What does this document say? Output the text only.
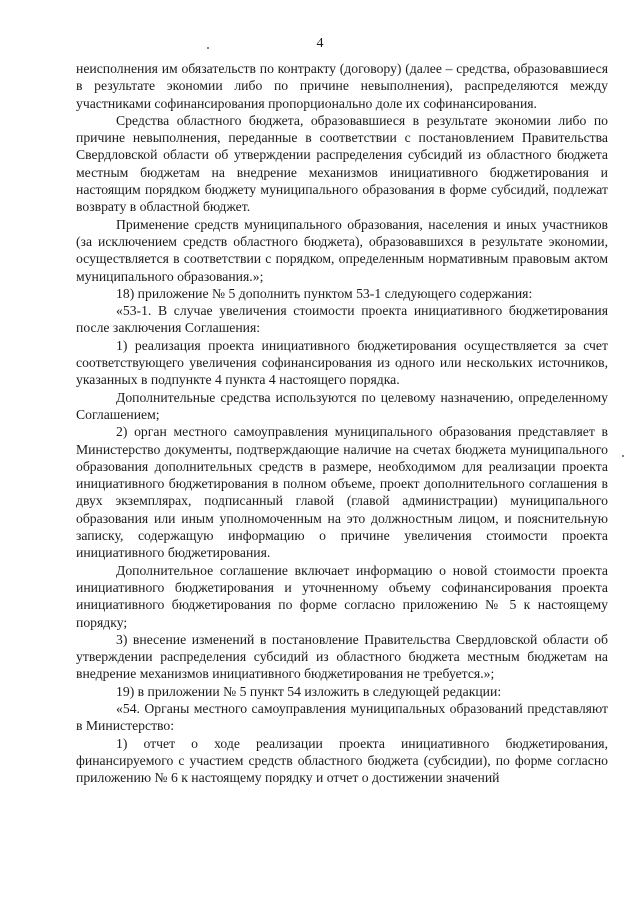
4

неисполнения им обязательств по контракту (договору) (далее – средства, образовавшиеся в результате экономии либо по причине невыполнения), распределяются между участниками софинансирования пропорционально доле их софинансирования.

Средства областного бюджета, образовавшиеся в результате экономии либо по причине невыполнения, переданные в соответствии с постановлением Правительства Свердловской области об утверждении распределения субсидий из областного бюджета местным бюджетам на внедрение механизмов инициативного бюджетирования и настоящим порядком бюджету муниципального образования в форме субсидий, подлежат возврату в областной бюджет.

Применение средств муниципального образования, населения и иных участников (за исключением средств областного бюджета), образовавшихся в результате экономии, осуществляется в соответствии с порядком, определенным нормативным правовым актом муниципального образования.»;

18) приложение № 5 дополнить пунктом 53-1 следующего содержания:

«53-1. В случае увеличения стоимости проекта инициативного бюджетирования после заключения Соглашения:

1) реализация проекта инициативного бюджетирования осуществляется за счет соответствующего увеличения софинансирования из одного или нескольких источников, указанных в подпункте 4 пункта 4 настоящего порядка.

Дополнительные средства используются по целевому назначению, определенному Соглашением;

2) орган местного самоуправления муниципального образования представляет в Министерство документы, подтверждающие наличие на счетах бюджета муниципального образования дополнительных средств в размере, необходимом для реализации проекта инициативного бюджетирования в полном объеме, проект дополнительного соглашения в двух экземплярах, подписанный главой (главой администрации) муниципального образования или иным уполномоченным на это должностным лицом, и пояснительную записку, содержащую информацию о причине увеличения стоимости проекта инициативного бюджетирования.

Дополнительное соглашение включает информацию о новой стоимости проекта инициативного бюджетирования и уточненному объему софинансирования проекта инициативного бюджетирования по форме согласно приложению № 5 к настоящему порядку;

3) внесение изменений в постановление Правительства Свердловской области об утверждении распределения субсидий из областного бюджета местным бюджетам на внедрение механизмов инициативного бюджетирования не требуется.»;

19) в приложении № 5 пункт 54 изложить в следующей редакции:

«54. Органы местного самоуправления муниципальных образований представляют в Министерство:

1) отчет о ходе реализации проекта инициативного бюджетирования, финансируемого с участием средств областного бюджета (субсидии), по форме согласно приложению № 6 к настоящему порядку и отчет о достижении значений
